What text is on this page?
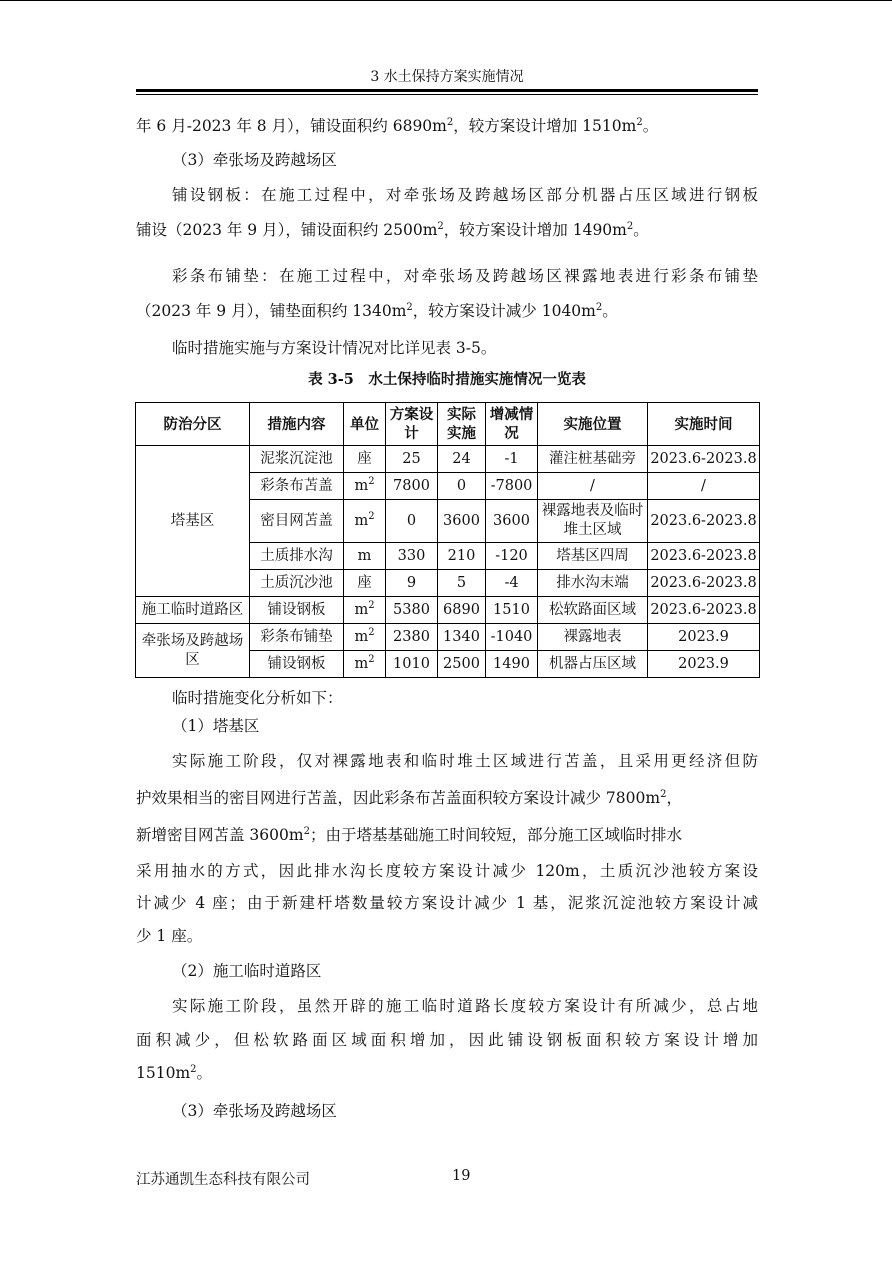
3 水土保持方案实施情况

年 6 月-2023 年 8 月），铺设面积约 $6890m^2$，较方案设计增加 $1510m^2$。

（3）牵张场及跨越场区

铺设钢板：在施工过程中，对牵张场及跨越场区部分机器占压区域进行钢板

铺设（2023 年 9 月），铺设面积约 $2500m^2$，较方案设计增加 $1490m^2$。

彩条布铺垫：在施工过程中，对牵张场及跨越场区裸露地表进行彩条布铺垫

（2023 年 9 月），铺垫面积约 $1340m^2$，较方案设计减少 $1040m^2$。

临时措施实施与方案设计情况对比详见表 3-5。

表 3-5　水土保持临时措施实施情况一览表
防治分区	措施内容	单位	方案设计	实际实施	增减情况	实施位置	实施时间
塔基区	泥浆沉淀池	座	25	24	-1	灌注桩基础旁	2023.6-2023.8
	彩条布苫盖	$m^2$	7800	0	-7800	/	/
	密目网苫盖	$m^2$	0	3600	3600	裸露地表及临时堆土区域	2023.6-2023.8
	土质排水沟	m	330	210	-120	塔基区四周	2023.6-2023.8
	土质沉沙池	座	9	5	-4	排水沟末端	2023.6-2023.8
施工临时道路区	铺设钢板	$m^2$	5380	6890	1510	松软路面区域	2023.6-2023.8
牵张场及跨越场区	彩条布铺垫	$m^2$	2380	1340	-1040	裸露地表	2023.9
	铺设钢板	$m^2$	1010	2500	1490	机器占压区域	2023.9

临时措施变化分析如下：

（1）塔基区

实际施工阶段，仅对裸露地表和临时堆土区域进行苫盖，且采用更经济但防

护效果相当的密目网进行苫盖，因此彩条布苫盖面积较方案设计减少 $7800m^2$，

新增密目网苫盖 $3600m^2$；由于塔基基础施工时间较短，部分施工区域临时排水

采用抽水的方式，因此排水沟长度较方案设计减少 120m，土质沉沙池较方案设

计减少 4 座；由于新建杆塔数量较方案设计减少 1 基，泥浆沉淀池较方案设计减

少 1 座。

（2）施工临时道路区

实际施工阶段，虽然开辟的施工临时道路长度较方案设计有所减少，总占地

面积减少，但松软路面区域面积增加，因此铺设钢板面积较方案设计增加

$1510m^2$。

（3）牵张场及跨越场区

江苏通凯生态科技有限公司	19
